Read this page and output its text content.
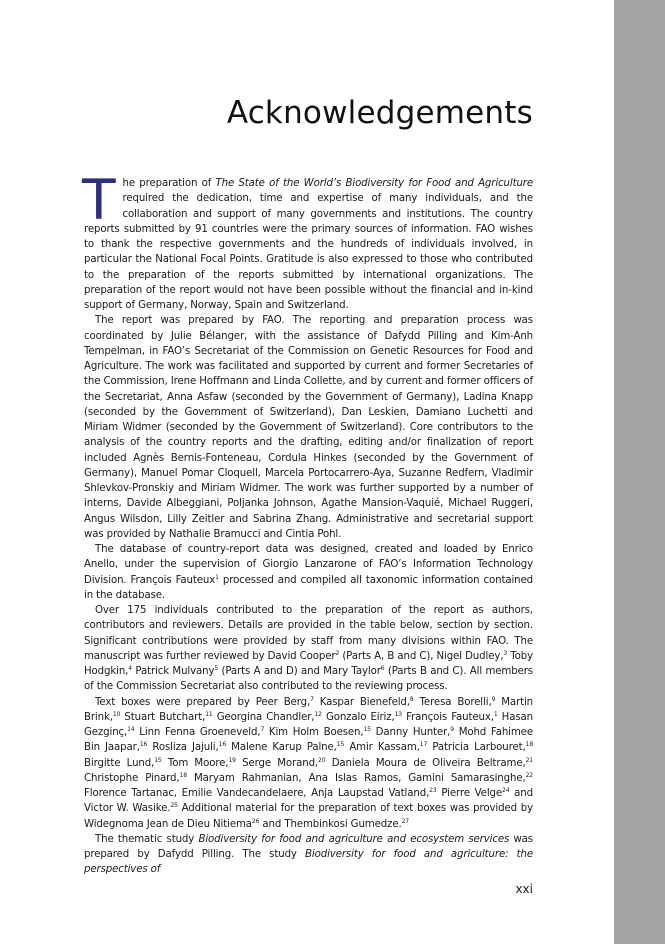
Acknowledgements

The preparation of The State of the World’s Biodiversity for Food and Agriculture required the dedication, time and expertise of many individuals, and the collaboration and support of many governments and institutions. The country reports submitted by 91 countries were the primary sources of information. FAO wishes to thank the respective governments and the hundreds of individuals involved, in particular the National Focal Points. Gratitude is also expressed to those who contributed to the preparation of the reports submitted by international organizations. The preparation of the report would not have been possible without the financial and in-kind support of Germany, Norway, Spain and Switzerland.

The report was prepared by FAO. The reporting and preparation process was coordinated by Julie Bélanger, with the assistance of Dafydd Pilling and Kim-Anh Tempelman, in FAO’s Secretariat of the Commission on Genetic Resources for Food and Agriculture. The work was facilitated and supported by current and former Secretaries of the Commission, Irene Hoffmann and Linda Collette, and by current and former officers of the Secretariat, Anna Asfaw (seconded by the Government of Germany), Ladina Knapp (seconded by the Government of Switzerland), Dan Leskien, Damiano Luchetti and Miriam Widmer (seconded by the Government of Switzerland). Core contributors to the analysis of the country reports and the drafting, editing and/or finalization of report included Agnès Bernis-Fonteneau, Cordula Hinkes (seconded by the Government of Germany), Manuel Pomar Cloquell, Marcela Portocarrero-Aya, Suzanne Redfern, Vladimir Shlevkov-Pronskiy and Miriam Widmer. The work was further supported by a number of interns, Davide Albeggiani, Poljanka Johnson, Agathe Mansion-Vaquié, Michael Ruggeri, Angus Wilsdon, Lilly Zeitler and Sabrina Zhang. Administrative and secretarial support was provided by Nathalie Bramucci and Cintia Pohl.

The database of country-report data was designed, created and loaded by Enrico Anello, under the supervision of Giorgio Lanzarone of FAO’s Information Technology Division. François Fauteux$^1$ processed and compiled all taxonomic information contained in the database.

Over 175 individuals contributed to the preparation of the report as authors, contributors and reviewers. Details are provided in the table below, section by section. Significant contributions were provided by staff from many divisions within FAO. The manuscript was further reviewed by David Cooper$^2$ (Parts A, B and C), Nigel Dudley,$^3$ Toby Hodgkin,$^4$ Patrick Mulvany$^5$ (Parts A and D) and Mary Taylor$^6$ (Parts B and C). All members of the Commission Secretariat also contributed to the reviewing process.

Text boxes were prepared by Peer Berg,$^7$ Kaspar Bienefeld,$^8$ Teresa Borelli,$^9$ Martin Brink,$^{10}$ Stuart Butchart,$^{11}$ Georgina Chandler,$^{12}$ Gonzalo Eiriz,$^{13}$ François Fauteux,$^1$ Hasan Gezginç,$^{14}$ Linn Fenna Groeneveld,$^7$ Kim Holm Boesen,$^{15}$ Danny Hunter,$^9$ Mohd Fahimee Bin Jaapar,$^{16}$ Rosliza Jajuli,$^{16}$ Malene Karup Palne,$^{15}$ Amir Kassam,$^{17}$ Patricia Larbouret,$^{18}$ Birgitte Lund,$^{15}$ Tom Moore,$^{19}$ Serge Morand,$^{20}$ Daniela Moura de Oliveira Beltrame,$^{21}$ Christophe Pinard,$^{18}$ Maryam Rahmanian, Ana Islas Ramos, Gamini Samarasinghe,$^{22}$ Florence Tartanac, Emilie Vandecandelaere, Anja Laupstad Vatland,$^{23}$ Pierre Velge$^{24}$ and Victor W. Wasike.$^{25}$ Additional material for the preparation of text boxes was provided by Widegnoma Jean de Dieu Nitiema$^{26}$ and Thembinkosi Gumedze.$^{27}$

The thematic study Biodiversity for food and agriculture and ecosystem services was prepared by Dafydd Pilling. The study Biodiversity for food and agriculture: the perspectives of

xxi
